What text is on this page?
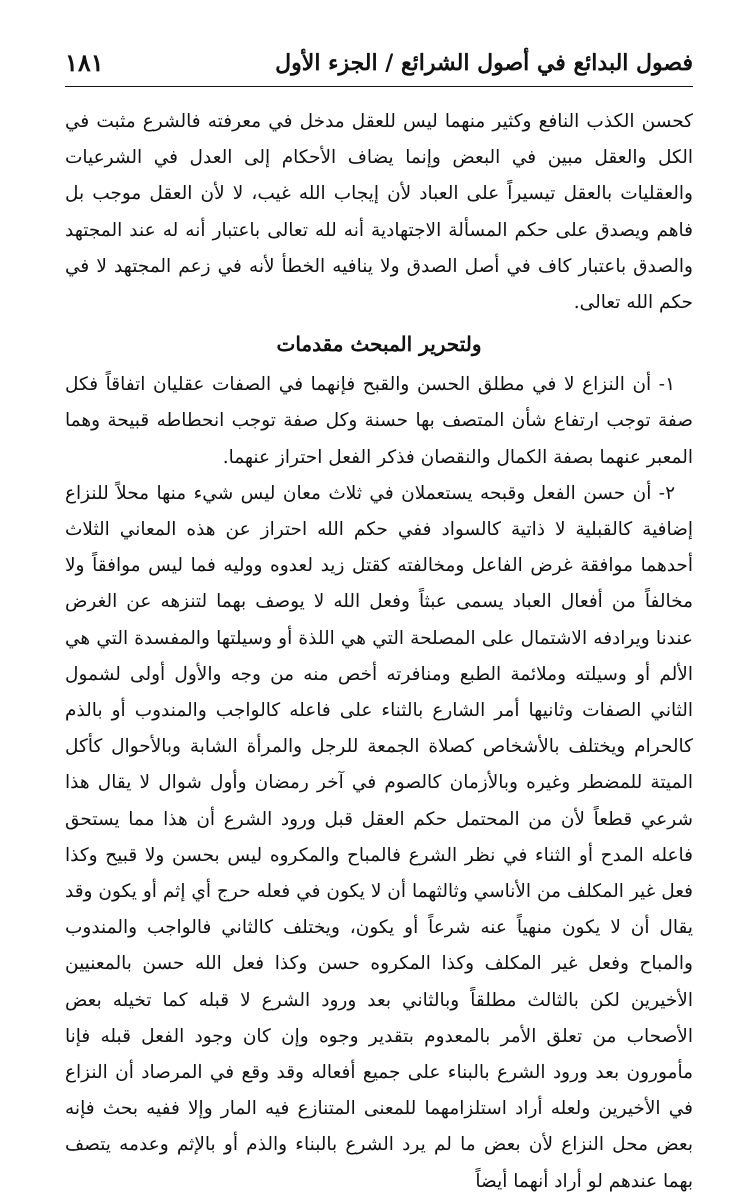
فصول البدائع في أصول الشرائع / الجزء الأول
١٨١

كحسن الكذب النافع وكثير منهما ليس للعقل مدخل في معرفته فالشرع مثبت في الكل والعقل مبين في البعض وإنما يضاف الأحكام إلى العدل في الشرعيات والعقليات بالعقل تيسيراً على العباد لأن إيجاب الله غيب، لا لأن العقل موجب بل فاهم ويصدق على حكم المسألة الاجتهادية أنه لله تعالى باعتبار أنه له عند المجتهد والصدق باعتبار كاف في أصل الصدق ولا ينافيه الخطأ لأنه في زعم المجتهد لا في حكم الله تعالى.

ولتحرير المبحث مقدمات

١- أن النزاع لا في مطلق الحسن والقبح فإنهما في الصفات عقليان اتفاقاً فكل صفة توجب ارتفاع شأن المتصف بها حسنة وكل صفة توجب انحطاطه قبيحة وهما المعبر عنهما بصفة الكمال والنقصان فذكر الفعل احتراز عنهما.

٢- أن حسن الفعل وقبحه يستعملان في ثلاث معان ليس شيء منها محلاً للنزاع إضافية كالقبلية لا ذاتية كالسواد ففي حكم الله احتراز عن هذه المعاني الثلاث أحدهما موافقة غرض الفاعل ومخالفته كقتل زيد لعدوه ووليه فما ليس موافقاً ولا مخالفاً من أفعال العباد يسمى عبثاً وفعل الله لا يوصف بهما لتنزهه عن الغرض عندنا ويرادفه الاشتمال على المصلحة التي هي اللذة أو وسيلتها والمفسدة التي هي الألم أو وسيلته وملائمة الطبع ومنافرته أخص منه من وجه والأول أولى لشمول الثاني الصفات وثانيها أمر الشارع بالثناء على فاعله كالواجب والمندوب أو بالذم كالحرام ويختلف بالأشخاص كصلاة الجمعة للرجل والمرأة الشابة وبالأحوال كأكل الميتة للمضطر وغيره وبالأزمان كالصوم في آخر رمضان وأول شوال لا يقال هذا شرعي قطعاً لأن من المحتمل حكم العقل قبل ورود الشرع أن هذا مما يستحق فاعله المدح أو الثناء في نظر الشرع فالمباح والمكروه ليس بحسن ولا قبيح وكذا فعل غير المكلف من الأناسي وثالثهما أن لا يكون في فعله حرج أي إثم أو يكون وقد يقال أن لا يكون منهياً عنه شرعاً أو يكون، ويختلف كالثاني فالواجب والمندوب والمباح وفعل غير المكلف وكذا المكروه حسن وكذا فعل الله حسن بالمعنيين الأخيرين لكن بالثالث مطلقاً وبالثاني بعد ورود الشرع لا قبله كما تخيله بعض الأصحاب من تعلق الأمر بالمعدوم بتقدير وجوه وإن كان وجود الفعل قبله فإنا مأمورون بعد ورود الشرع بالبناء على جميع أفعاله وقد وقع في المرصاد أن النزاع في الأخيرين ولعله أراد استلزامهما للمعنى المتنازع فيه المار وإلا ففيه بحث فإنه بعض محل النزاع لأن بعض ما لم يرد الشرع بالبناء والذم أو بالإثم وعدمه يتصف بهما عندهم لو أراد أنهما أيضاً
